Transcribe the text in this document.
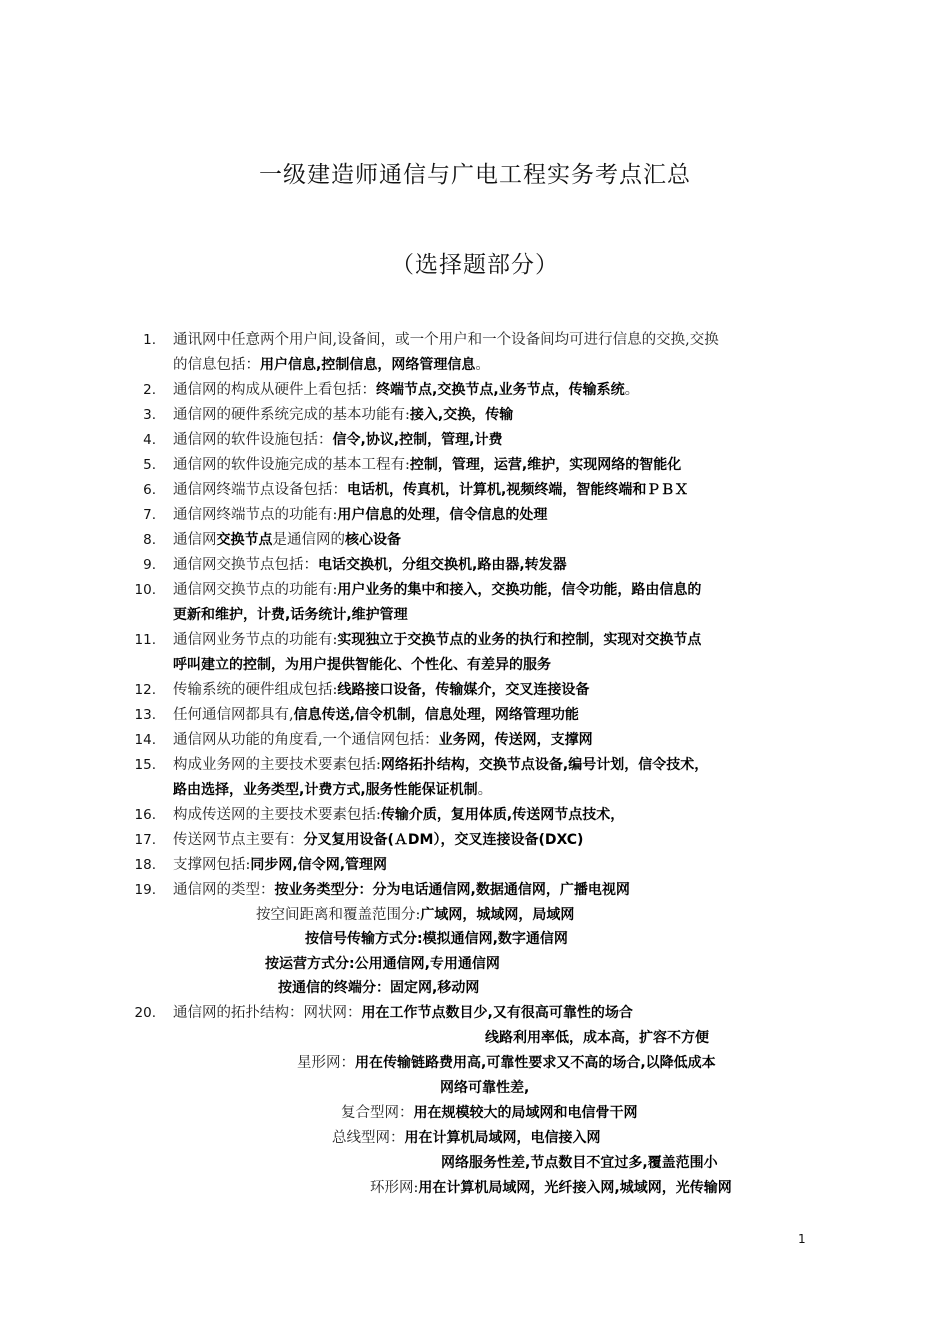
一级建造师通信与广电工程实务考点汇总
（选择题部分）
1. 通讯网中任意两个用户间,设备间，或一个用户和一个设备间均可进行信息的交换,交换
的信息包括：用户信息,控制信息，网络管理信息。
2. 通信网的构成从硬件上看包括：终端节点,交换节点,业务节点，传输系统。
3. 通信网的硬件系统完成的基本功能有:接入,交换，传输
4. 通信网的软件设施包括：信令,协议,控制，管理,计费
5. 通信网的软件设施完成的基本工程有:控制，管理，运营,维护，实现网络的智能化
6. 通信网终端节点设备包括：电话机，传真机，计算机,视频终端，智能终端和ＰＢＸ
7. 通信网终端节点的功能有:用户信息的处理，信令信息的处理
8. 通信网交换节点是通信网的核心设备
9. 通信网交换节点包括：电话交换机，分组交换机,路由器,转发器
10. 通信网交换节点的功能有:用户业务的集中和接入，交换功能，信令功能，路由信息的
更新和维护，计费,话务统计,维护管理
11. 通信网业务节点的功能有:实现独立于交换节点的业务的执行和控制，实现对交换节点
呼叫建立的控制，为用户提供智能化、个性化、有差异的服务
12. 传输系统的硬件组成包括:线路接口设备，传输媒介，交叉连接设备
13. 任何通信网都具有,信息传送,信令机制，信息处理，网络管理功能
14. 通信网从功能的角度看,一个通信网包括：业务网，传送网，支撑网
15. 构成业务网的主要技术要素包括:网络拓扑结构，交换节点设备,编号计划，信令技术，
路由选择，业务类型,计费方式,服务性能保证机制。
16. 构成传送网的主要技术要素包括:传输介质，复用体质,传送网节点技术，
17. 传送网节点主要有：分叉复用设备(ＡDM），交叉连接设备(DXC)
18. 支撑网包括:同步网,信令网,管理网
19. 通信网的类型：按业务类型分：分为电话通信网,数据通信网，广播电视网
按空间距离和覆盖范围分:广域网，城域网，局域网
按信号传输方式分:模拟通信网,数字通信网
按运营方式分:公用通信网,专用通信网
按通信的终端分：固定网,移动网
20. 通信网的拓扑结构：网状网：用在工作节点数目少,又有很高可靠性的场合
线路利用率低，成本高，扩容不方便
星形网：用在传输链路费用高,可靠性要求又不高的场合,以降低成本
网络可靠性差,
复合型网：用在规模较大的局域网和电信骨干网
总线型网：用在计算机局域网，电信接入网
网络服务性差,节点数目不宜过多,覆盖范围小
环形网:用在计算机局域网，光纤接入网,城域网，光传输网
1
